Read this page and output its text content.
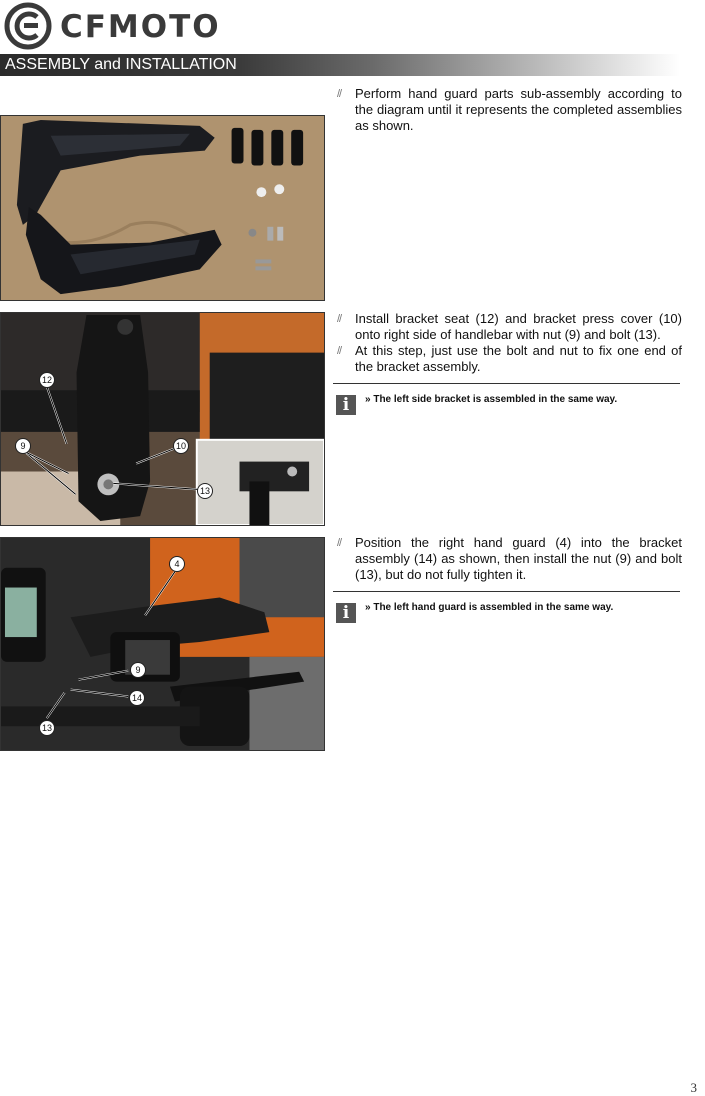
CFMOTO
ASSEMBLY and INSTALLATION
//	Perform hand guard parts sub-assembly according to the diagram until it represents the completed assemblies as shown.
12
9	10
13
//	Install bracket seat (12) and bracket press cover (10) onto right side of handlebar with nut (9) and bolt (13).
//	At this step, just use the bolt and nut to fix one end of the bracket assembly.
i	» The left side bracket is assembled in the same way.
4
9
14
13
//	Position the right hand guard (4) into the bracket assembly (14) as shown, then install the nut (9) and bolt (13), but do not fully tighten it.
i	» The left hand guard is assembled in the same way.
3
